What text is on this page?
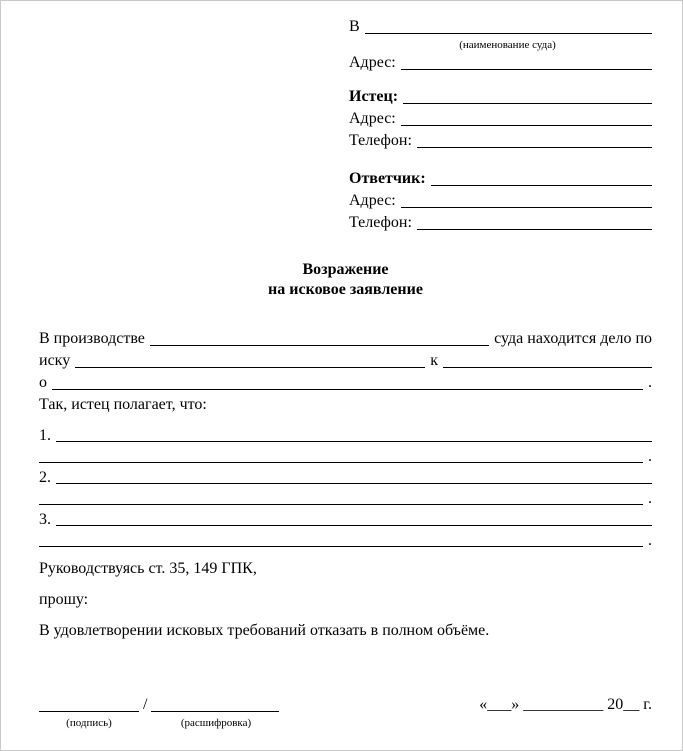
В
(наименование суда)
Адрес:
Истец:
Адрес:
Телефон:
Ответчик:
Адрес:
Телефон:
Возражение
на исковое заявление
В производстве	суда находится дело по
иску	к
о	.
Так, истец полагает, что:
1.
.
2.
.
3.
.
Руководствуясь ст. 35, 149 ГПК,
прошу:
В удовлетворении исковых требований отказать в полном объёме.

/
	«___» __________ 20__ г.
(подпись)	(расшифровка)
